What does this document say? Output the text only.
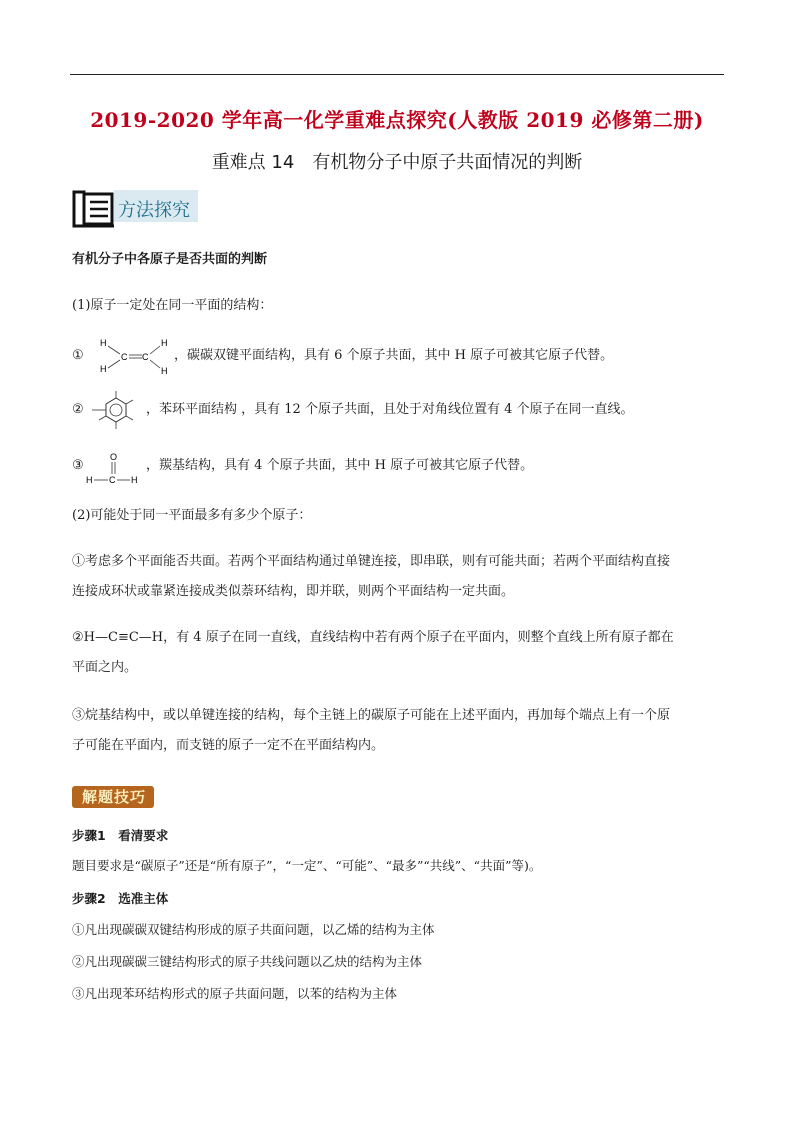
2019-2020 学年高一化学重难点探究(人教版 2019 必修第二册)
重难点 14　有机物分子中原子共面情况的判断
方法探究
有机分子中各原子是否共面的判断
(1)原子一定处在同一平面的结构：
①
H
H
C C
H
H
，碳碳双键平面结构，具有 6 个原子共面，其中 H 原子可被其它原子代替。
②	，苯环平面结构 ，具有 12 个原子共面，且处于对角线位置有 4 个原子在同一直线。
③
O
H C H
，羰基结构，具有 4 个原子共面，其中 H 原子可被其它原子代替。
(2)可能处于同一平面最多有多少个原子：
①考虑多个平面能否共面。若两个平面结构通过单键连接，即串联，则有可能共面；若两个平面结构直接
连接成环状或靠紧连接成类似萘环结构，即并联，则两个平面结构一定共面。
②H—C≡C—H，有 4 原子在同一直线，直线结构中若有两个原子在平面内，则整个直线上所有原子都在
平面之内。
③烷基结构中，或以单键连接的结构，每个主链上的碳原子可能在上述平面内，再加每个端点上有一个原
子可能在平面内，而支链的原子一定不在平面结构内。
解题技巧
步骤1　看清要求
题目要求是“碳原子”还是“所有原子”，“一定”、“可能”、“最多”“共线”、“共面”等)。
步骤2　选准主体
①凡出现碳碳双键结构形成的原子共面问题，以乙烯的结构为主体
②凡出现碳碳三键结构形式的原子共线问题以乙炔的结构为主体
③凡出现苯环结构形式的原子共面问题，以苯的结构为主体
